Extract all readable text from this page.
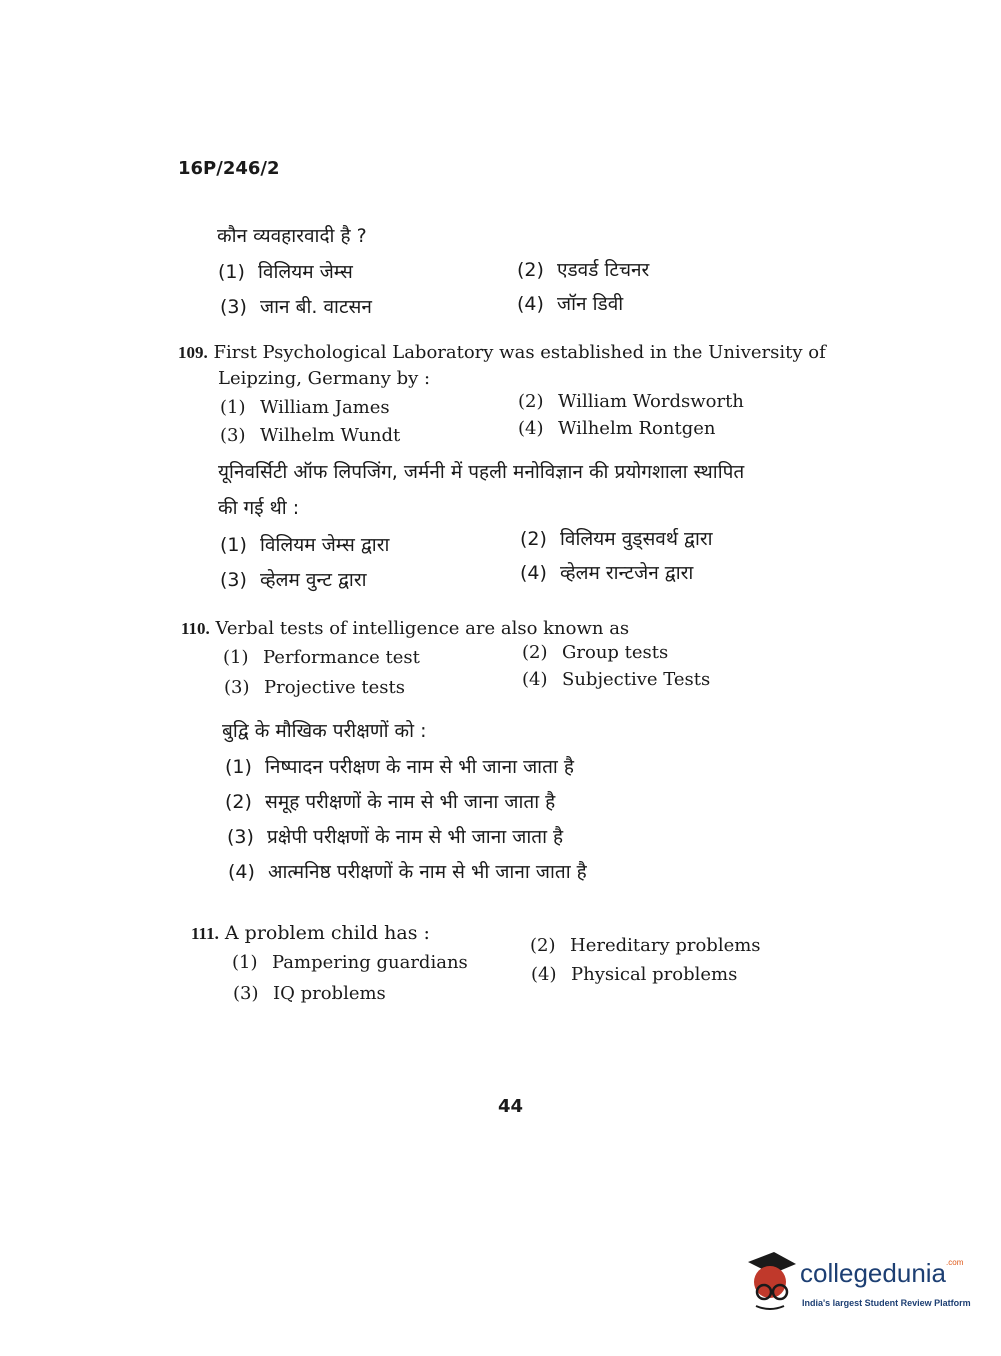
16P/246/2
कौन व्यवहारवादी है ?
(1) विलियम जेम्स	(2) एडवर्ड टिचनर
(3) जान बी. वाटसन	(4) जॉन डिवी
109. First Psychological Laboratory was established in the University of
Leipzing, Germany by :
(1) William James	(2) William Wordsworth
(3) Wilhelm Wundt	(4) Wilhelm Rontgen
यूनिवर्सिटी ऑफ लिपजिंग, जर्मनी में पहली मनोविज्ञान की प्रयोगशाला स्थापित
की गई थी :
(1) विलियम जेम्स द्वारा	(2) विलियम वुड्सवर्थ द्वारा
(3) व्हेलम वुन्ट द्वारा	(4) व्हेलम रान्टजेन द्वारा
110. Verbal tests of intelligence are also known as
(1) Performance test	(2) Group tests
(3) Projective tests	(4) Subjective Tests
बुद्वि के मौखिक परीक्षणों को :
(1) निष्पादन परीक्षण के नाम से भी जाना जाता है
(2) समूह परीक्षणों के नाम से भी जाना जाता है
(3) प्रक्षेपी परीक्षणों के नाम से भी जाना जाता है
(4) आत्मनिष्ठ परीक्षणों के नाम से भी जाना जाता है
111. A problem child has :
(1) Pampering guardians
(2) Hereditary problems
(3) IQ problems
(4) Physical problems
44
collegedunia$^{.com}$
India's largest Student Review Platform
